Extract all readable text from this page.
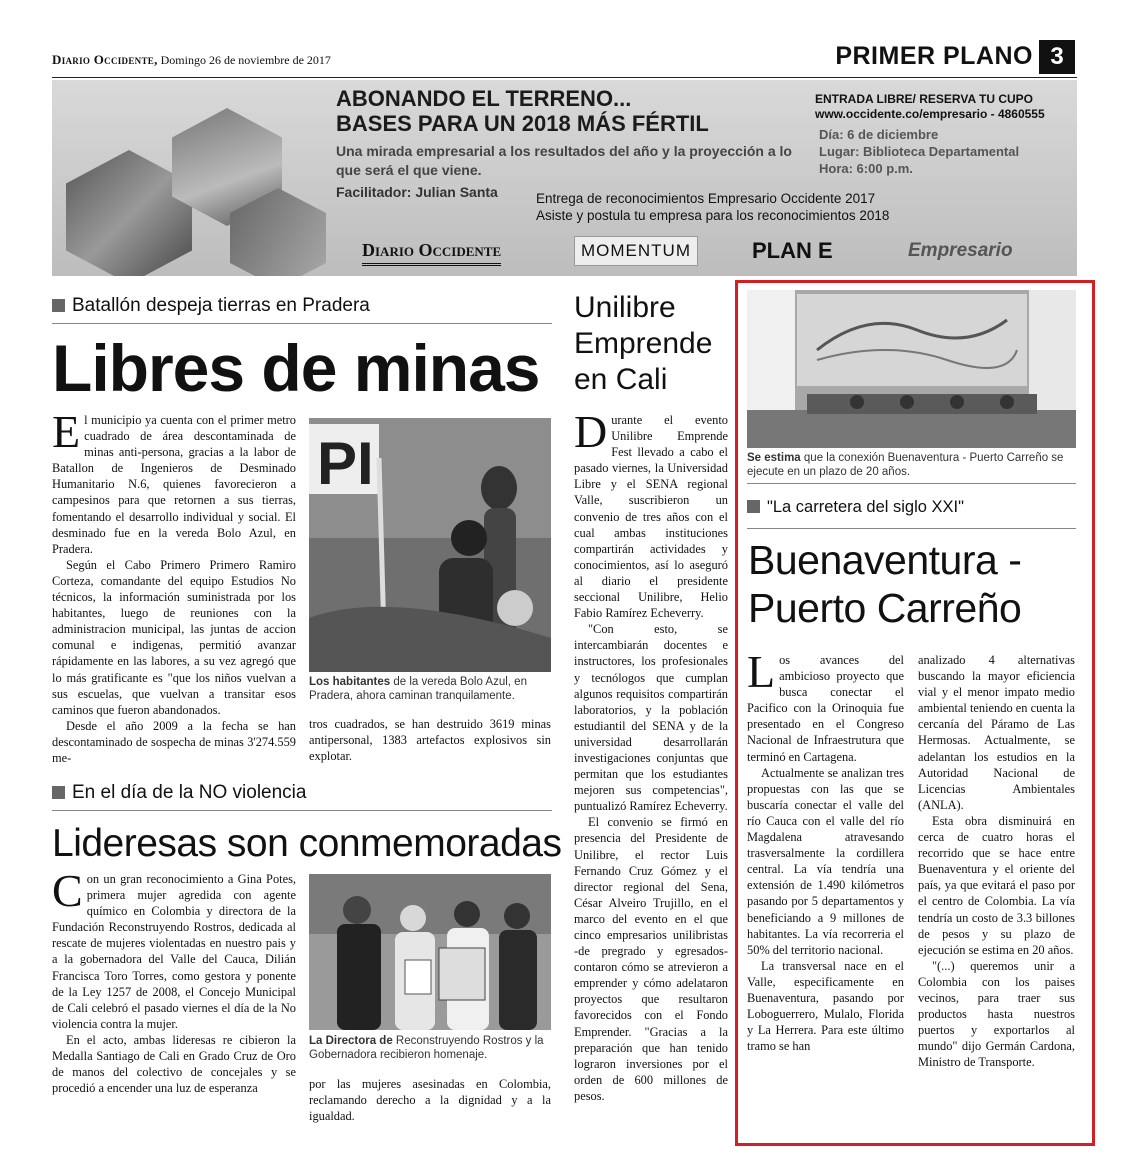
Diario Occidente, Domingo 26 de noviembre de 2017	PRIMER PLANO 3
ABONANDO EL TERRENO...
BASES PARA UN 2018 MÁS FÉRTIL
Una mirada empresarial a los resultados del año y la proyección a lo que será el que viene.
Facilitador: Julian Santa	Entrega de reconocimientos Empresario Occidente 2017
Asiste y postula tu empresa para los reconocimientos 2018
ENTRADA LIBRE/ RESERVA TU CUPO
www.occidente.co/empresario - 4860555
Día: 6 de diciembre
Lugar: Biblioteca Departamental
Hora: 6:00 p.m.
Diario Occidente	MOMENTUM	PLAN E	Empresario
Batallón despeja tierras en Pradera
Libres de minas

El municipio ya cuenta con el primer metro cuadrado de área descontaminada de minas anti-persona, gracias a la labor de Batallon de Ingenieros de Desminado Humanitario N.6, quienes favorecieron a campesinos para que retornen a sus tierras, fomentando el desarrollo individual y social. El desminado fue en la vereda Bolo Azul, en Pradera.

Según el Cabo Primero Primero Ramiro Corteza, comandante del equipo Estudios No técnicos, la información suministrada por los habitantes, luego de reuniones con la administracion municipal, las juntas de accion comunal e indigenas, permitió avanzar rápidamente en las labores, a su vez agregó que lo más gratificante es "que los niños vuelvan a sus escuelas, que vuelvan a transitar esos caminos que fueron abandonados.

Desde el año 2009 a la fecha se han descontaminado de sospecha de minas 3'274.559 me-

PI
Los habitantes de la vereda Bolo Azul, en Pradera, ahora caminan tranquilamente.

tros cuadrados, se han destruido 3619 minas antipersonal, 1383 artefactos explosivos sin explotar.

En el día de la NO violencia
Lideresas son conmemoradas

Con un gran reconocimiento a Gina Potes, primera mujer agredida con agente químico en Colombia y directora de la Fundación Reconstruyendo Rostros, dedicada al rescate de mujeres violentadas en nuestro pais y a la gobernadora del Valle del Cauca, Dilián Francisca Toro Torres, como gestora y ponente de la Ley 1257 de 2008, el Concejo Municipal de Cali celebró el pasado viernes el día de la No violencia contra la mujer.

En el acto, ambas lideresas re cibieron la Medalla Santiago de Cali en Grado Cruz de Oro de manos del colectivo de concejales y se procedió a encender una luz de esperanza

La Directora de Reconstruyendo Rostros y la Gobernadora recibieron homenaje.

por las mujeres asesinadas en Colombia, reclamando derecho a la dignidad y a la igualdad.

Unilibre
Emprende
en Cali

Durante el evento Unilibre Emprende Fest llevado a cabo el pasado viernes, la Universidad Libre y el SENA regional Valle, suscribieron un convenio de tres años con el cual ambas instituciones compartirán actividades y conocimientos, así lo aseguró al diario el presidente seccional Unilibre, Helio Fabio Ramírez Echeverry.

"Con esto, se intercambiarán docentes e instructores, los profesionales y tecnólogos que cumplan algunos requisitos compartirán laboratorios, y la población estudiantil del SENA y de la universidad desarrollarán investigaciones conjuntas que permitan que los estudiantes mejoren sus competencias", puntualizó Ramírez Echeverry.

El convenio se firmó en presencia del Presidente de Unilibre, el rector Luis Fernando Cruz Gómez y el director regional del Sena, César Alveiro Trujillo, en el marco del evento en el que cinco empresarios unilibristas -de pregrado y egresados- contaron cómo se atrevieron a emprender y cómo adelataron proyectos que resultaron favorecidos con el Fondo Emprender. "Gracias a la preparación que han tenido lograron inversiones por el orden de 600 millones de pesos.

Se estima que la conexión Buenaventura - Puerto Carreño se ejecute en un plazo de 20 años.
"La carretera del siglo XXI"
Buenaventura -
Puerto Carreño

Los avances del ambicioso proyecto que busca conectar el Pacifico con la Orinoquia fue presentado en el Congreso Nacional de Infraestrutura que terminó en Cartagena.

Actualmente se analizan tres propuestas con las que se buscaría conectar el valle del río Cauca con el valle del río Magdalena atravesando trasversalmente la cordillera central. La vía tendría una extensión de 1.490 kilómetros pasando por 5 departamentos y beneficiando a 9 millones de habitantes. La vía recorreria el 50% del territorio nacional.

La transversal nace en el Valle, especificamente en Buenaventura, pasando por Loboguerrero, Mulalo, Florida y La Herrera. Para este último tramo se han

analizado 4 alternativas buscando la mayor eficiencia vial y el menor impato medio ambiental teniendo en cuenta la cercanía del Páramo de Las Hermosas. Actualmente, se adelantan los estudios en la Autoridad Nacional de Licencias Ambientales (ANLA).

Esta obra disminuirá en cerca de cuatro horas el recorrido que se hace entre Buenaventura y el oriente del país, ya que evitará el paso por el centro de Colombia. La vía tendría un costo de 3.3 billones de pesos y su plazo de ejecución se estima en 20 años.

"(...) queremos unir a Colombia con los paises vecinos, para traer sus productos hasta nuestros puertos y exportarlos al mundo" dijo Germán Cardona, Ministro de Transporte.
